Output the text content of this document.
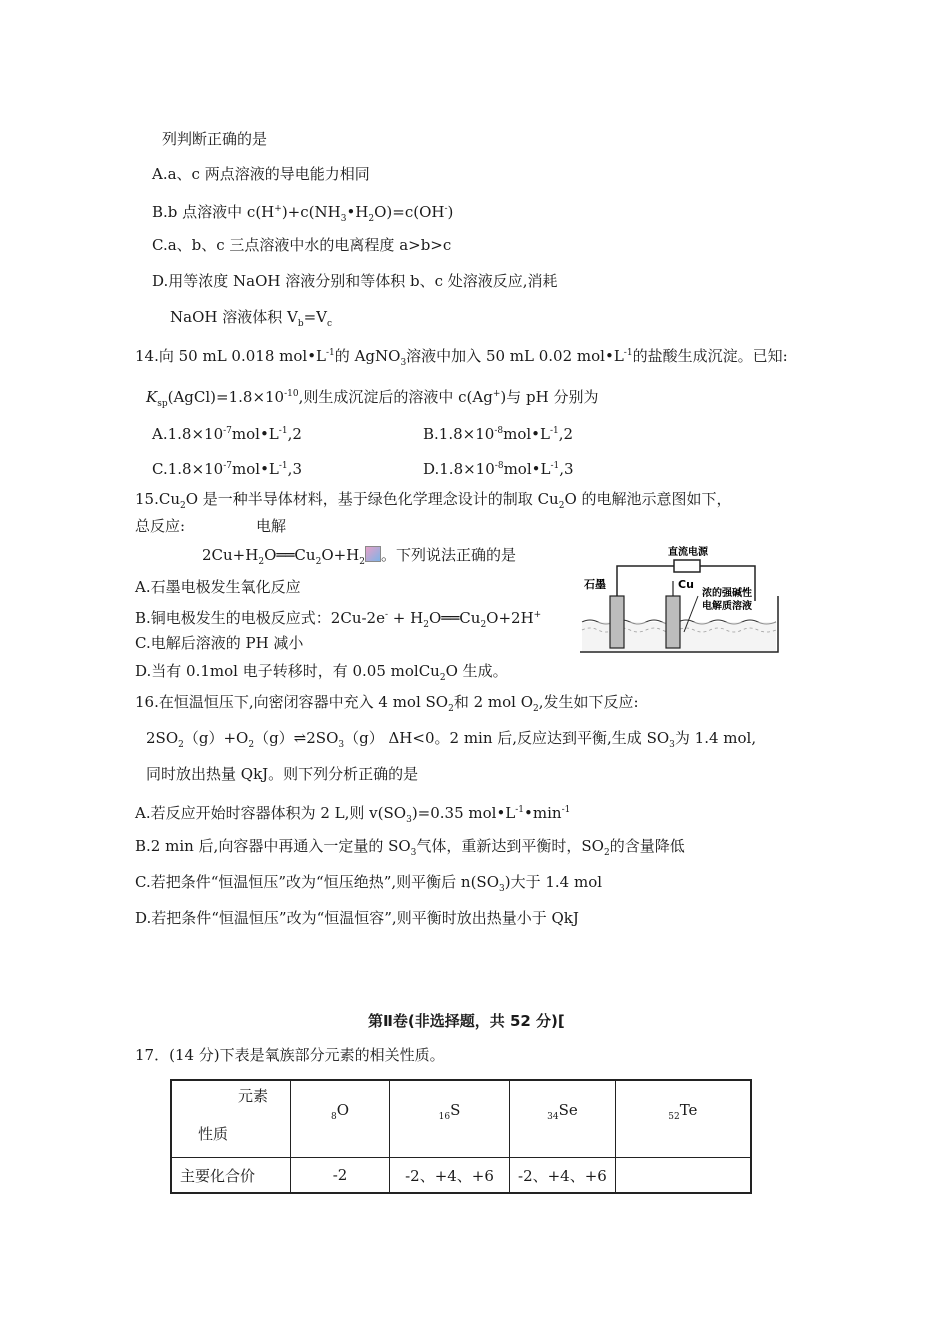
列判断正确的是
A.a、c 两点溶液的导电能力相同
B.b 点溶液中 $c(H^+)+c(NH_3•H_2O)=c(OH^-)$
C.a、b、c 三点溶液中水的电离程度 a>b>c
D.用等浓度 NaOH 溶液分别和等体积 b、c 处溶液反应,消耗
NaOH 溶液体积 $V_b=V_c$
14.向 50 mL 0.018 $mol•L^{-1}$的 AgNO$_3$溶液中加入 50 mL 0.02 $mol•L^{-1}$的盐酸生成沉淀。已知:
$K_{sp}(AgCl)=1.8\times 10^{-10}$,则生成沉淀后的溶液中 c(Ag+)与 pH 分别为
$A.1.8\times 10^{-7}mol•L^{-1},2$	$B.1.8\times 10^{-8}mol•L^{-1},2$
$C.1.8\times 10^{-7}mol•L^{-1},3$	$D.1.8\times 10^{-8}mol•L^{-1},3$
$15.Cu_2O$ 是一种半导体材料，基于绿色化学理念设计的制取 $Cu_2O$ 的电解池示意图如下，
总反应:	电解
$2Cu+H_2O══Cu_2O+H_2$ 。下列说法正确的是
A.石墨电极发生氧化反应
B.铜电极发生的电极反应式：$2Cu-2e^- + H_2O══Cu_2O+2H^+$
C.电解后溶液的 PH 减小
D.当有 0.1mol 电子转移时，有 0.05 molCu$_2$O 生成。
直流电源
石墨	Cu
浓的强碱性
电解质溶液
16.在恒温恒压下,向密闭容器中充入 4 mol $SO_2$和 2 mol $O_2$,发生如下反应:
$2SO_2(g)+O_2(g)\rightleftharpoons 2SO_3(g)$ ΔH<0。2 min 后,反应达到平衡,生成 $SO_3$为 1.4 mol,
同时放出热量 QkJ。则下列分析正确的是
A.若反应开始时容器体积为 2 L,则 $v(SO_3)=0.35$ $mol•L^{-1}•\min^{-1}$
B.2 min 后,向容器中再通入一定量的 $SO_3$气体，重新达到平衡时，$SO_2$的含量降低
C.若把条件“恒温恒压”改为“恒压绝热”,则平衡后 $n(SO_3)$大于 1.4 mol
D.若把条件“恒温恒压”改为“恒温恒容”,则平衡时放出热量小于 QkJ
第Ⅱ卷(非选择题，共 52 分)[
17．(14 分)下表是氧族部分元素的相关性质。
元素
性质	$_8$O	$_{16}$S	$_{34}$Se	$_{52}$Te
主要化合价	-2	-2、+4、+6	-2、+4、+6	
